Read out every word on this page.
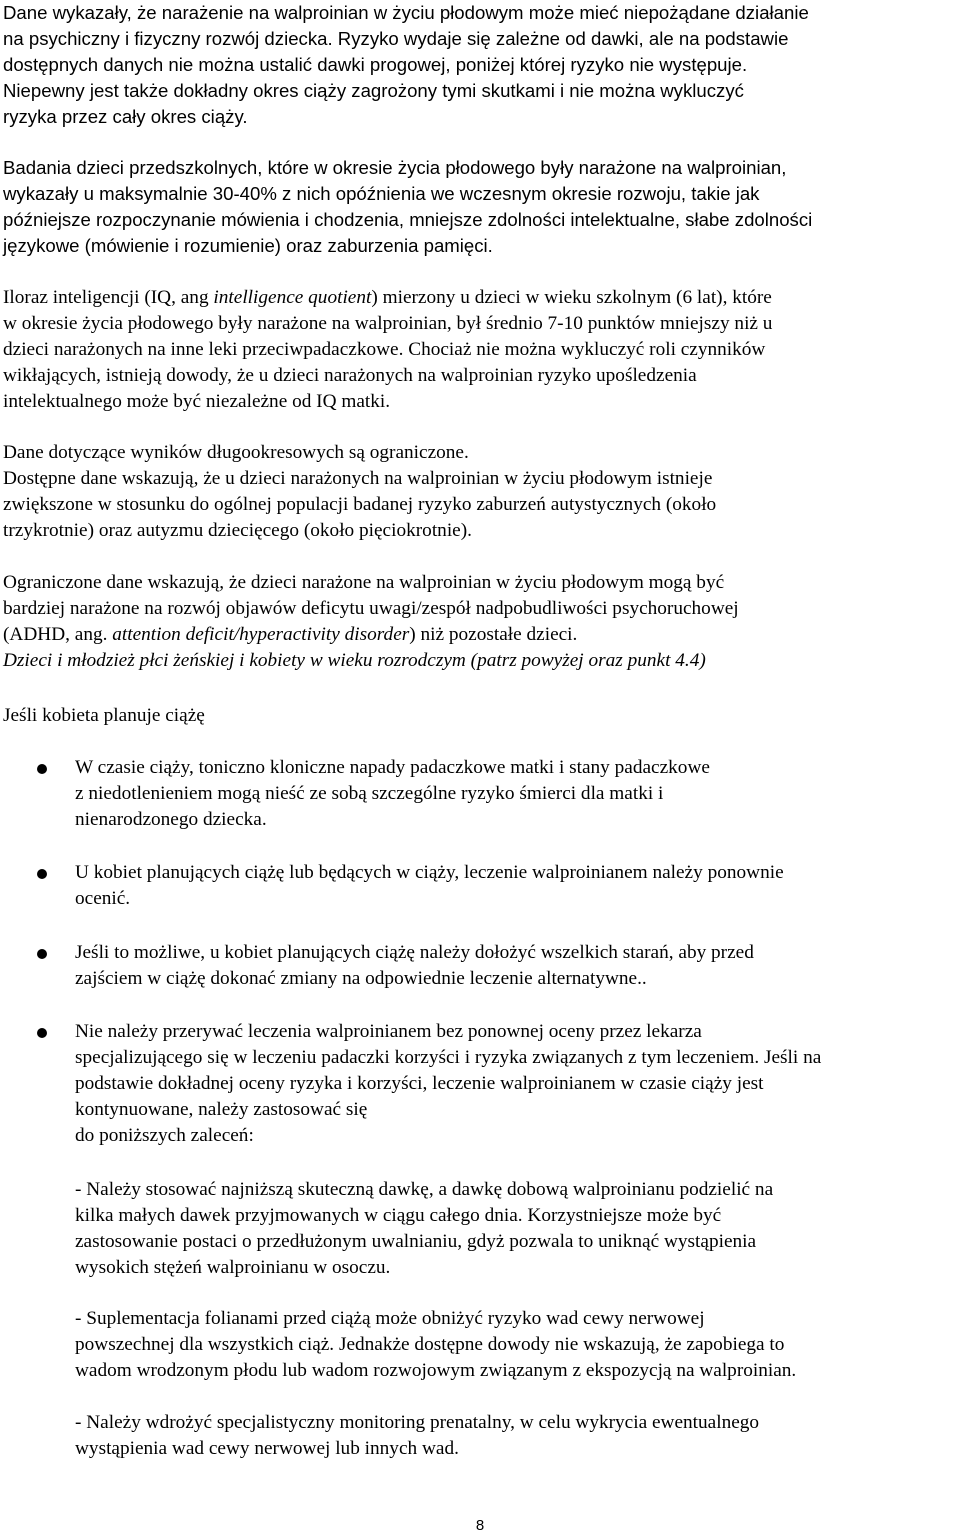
Dane wykazały, że narażenie na walproinian w życiu płodowym może mieć niepożądane działanie
na psychiczny i fizyczny rozwój dziecka. Ryzyko wydaje się zależne od dawki, ale na podstawie
dostępnych danych nie można ustalić dawki progowej, poniżej której ryzyko nie występuje.
Niepewny jest także dokładny okres ciąży zagrożony tymi skutkami i nie można wykluczyć
ryzyka przez cały okres ciąży.
Badania dzieci przedszkolnych, które w okresie życia płodowego były narażone na walproinian,
wykazały u maksymalnie 30-40% z nich opóźnienia we wczesnym okresie rozwoju, takie jak
późniejsze rozpoczynanie mówienia i chodzenia, mniejsze zdolności intelektualne, słabe zdolności
językowe (mówienie i rozumienie) oraz zaburzenia pamięci.
Iloraz inteligencji (IQ, ang intelligence quotient) mierzony u dzieci w wieku szkolnym (6 lat), które
w okresie życia płodowego były narażone na walproinian, był średnio 7-10 punktów mniejszy niż u
dzieci narażonych na inne leki przeciwpadaczkowe. Chociaż nie można wykluczyć roli czynników
wikłających, istnieją dowody, że u dzieci narażonych na walproinian ryzyko upośledzenia
intelektualnego może być niezależne od IQ matki.
Dane dotyczące wyników długookresowych są ograniczone.
Dostępne dane wskazują, że u dzieci narażonych na walproinian w życiu płodowym istnieje
zwiększone w stosunku do ogólnej populacji badanej ryzyko zaburzeń autystycznych (około
trzykrotnie) oraz autyzmu dziecięcego (około pięciokrotnie).
Ograniczone dane wskazują, że dzieci narażone na walproinian w życiu płodowym mogą być
bardziej narażone na rozwój objawów deficytu uwagi/zespół nadpobudliwości psychoruchowej
(ADHD, ang. attention deficit/hyperactivity disorder) niż pozostałe dzieci.
Dzieci i młodzież płci żeńskiej i kobiety w wieku rozrodczym (patrz powyżej oraz punkt 4.4)
Jeśli kobieta planuje ciążę
W czasie ciąży, toniczno kloniczne napady padaczkowe matki i stany padaczkowe
z niedotlenieniem mogą nieść ze sobą szczególne ryzyko śmierci dla matki i
nienarodzonego dziecka.
U kobiet planujących ciążę lub będących w ciąży, leczenie walproinianem należy ponownie
ocenić.
Jeśli to możliwe, u kobiet planujących ciążę należy dołożyć wszelkich starań, aby przed
zajściem w ciążę dokonać zmiany na odpowiednie leczenie alternatywne..
Nie należy przerywać leczenia walproinianem bez ponownej oceny przez lekarza
specjalizującego się w leczeniu padaczki korzyści i ryzyka związanych z tym leczeniem. Jeśli na
podstawie dokładnej oceny ryzyka i korzyści, leczenie walproinianem w czasie ciąży jest
kontynuowane, należy zastosować się
do poniższych zaleceń:
- Należy stosować najniższą skuteczną dawkę, a dawkę dobową walproinianu podzielić na
kilka małych dawek przyjmowanych w ciągu całego dnia. Korzystniejsze może być
zastosowanie postaci o przedłużonym uwalnianiu, gdyż pozwala to uniknąć wystąpienia
wysokich stężeń walproinianu w osoczu.
- Suplementacja folianami przed ciążą może obniżyć ryzyko wad cewy nerwowej
powszechnej dla wszystkich ciąż. Jednakże dostępne dowody nie wskazują, że zapobiega to
wadom wrodzonym płodu lub wadom rozwojowym związanym z ekspozycją na walproinian.
- Należy wdrożyć specjalistyczny monitoring prenatalny, w celu wykrycia ewentualnego
wystąpienia wad cewy nerwowej lub innych wad.
8
